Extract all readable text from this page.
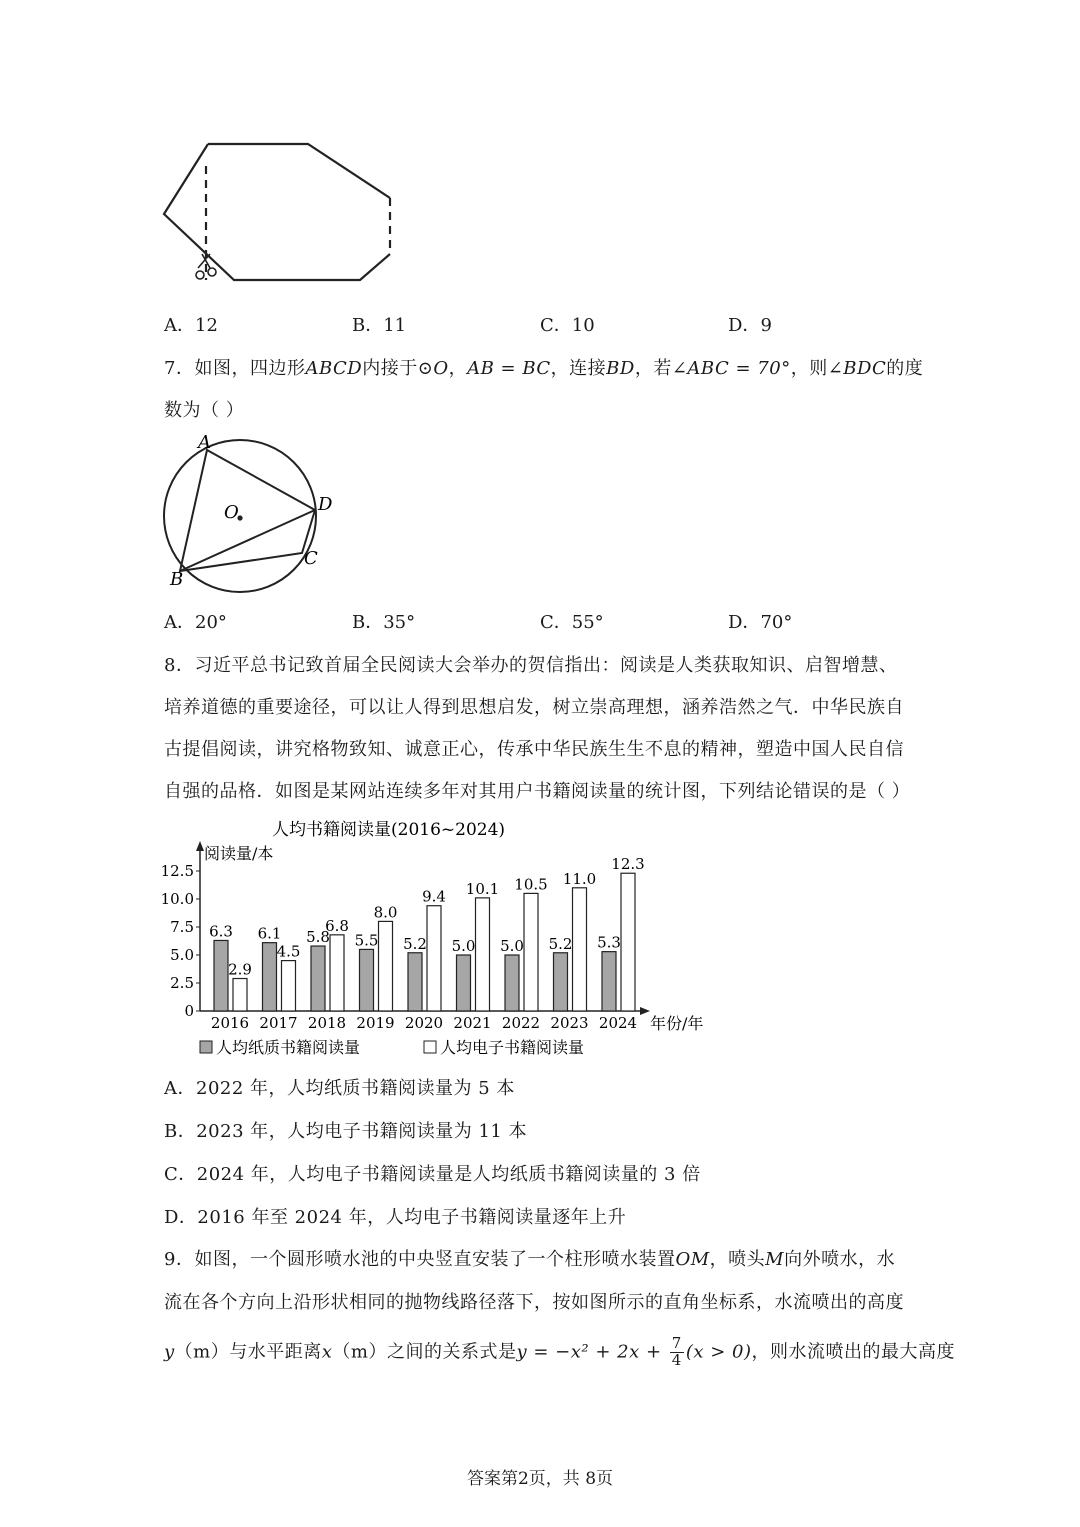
A．12	B．11	C．10	D．9
7．如图，四边形ABCD内接于⊙O，AB = BC，连接BD，若∠ABC = 70°，则∠BDC的度
数为（ ）
A
D
C
B
O
A．20°	B．35°	C．55°	D．70°
8．习近平总书记致首届全民阅读大会举办的贺信指出：阅读是人类获取知识、启智增慧、
培养道德的重要途径，可以让人得到思想启发，树立崇高理想，涵养浩然之气．中华民族自
古提倡阅读，讲究格物致知、诚意正心，传承中华民族生生不息的精神，塑造中国人民自信
自强的品格．如图是某网站连续多年对其用户书籍阅读量的统计图，下列结论错误的是（ ）
人均书籍阅读量(2016~2024)
阅读量/本
年份/年
0
2.5
5.0
7.5
10.0
12.5
6.3
2.9
6.1
4.5
5.8
6.8
5.5
8.0
5.2
9.4
5.0
10.1
5.0
10.5
5.2
11.0
5.3
12.3
2016 2017 2018 2019 2020 2021 2022 2023 2024
人均纸质书籍阅读量	人均电子书籍阅读量
A．2022 年，人均纸质书籍阅读量为 5 本
B．2023 年，人均电子书籍阅读量为 11 本
C．2024 年，人均电子书籍阅读量是人均纸质书籍阅读量的 3 倍
D．2016 年至 2024 年，人均电子书籍阅读量逐年上升
9．如图，一个圆形喷水池的中央竖直安装了一个柱形喷水装置OM，喷头M向外喷水，水
流在各个方向上沿形状相同的抛物线路径落下，按如图所示的直角坐标系，水流喷出的高度
y（m）与水平距离x（m）之间的关系式是$y = -x^2 + 2x + \frac{7}{4} (x > 0)$，则水流喷出的最大高度
答案第2页，共 8页
